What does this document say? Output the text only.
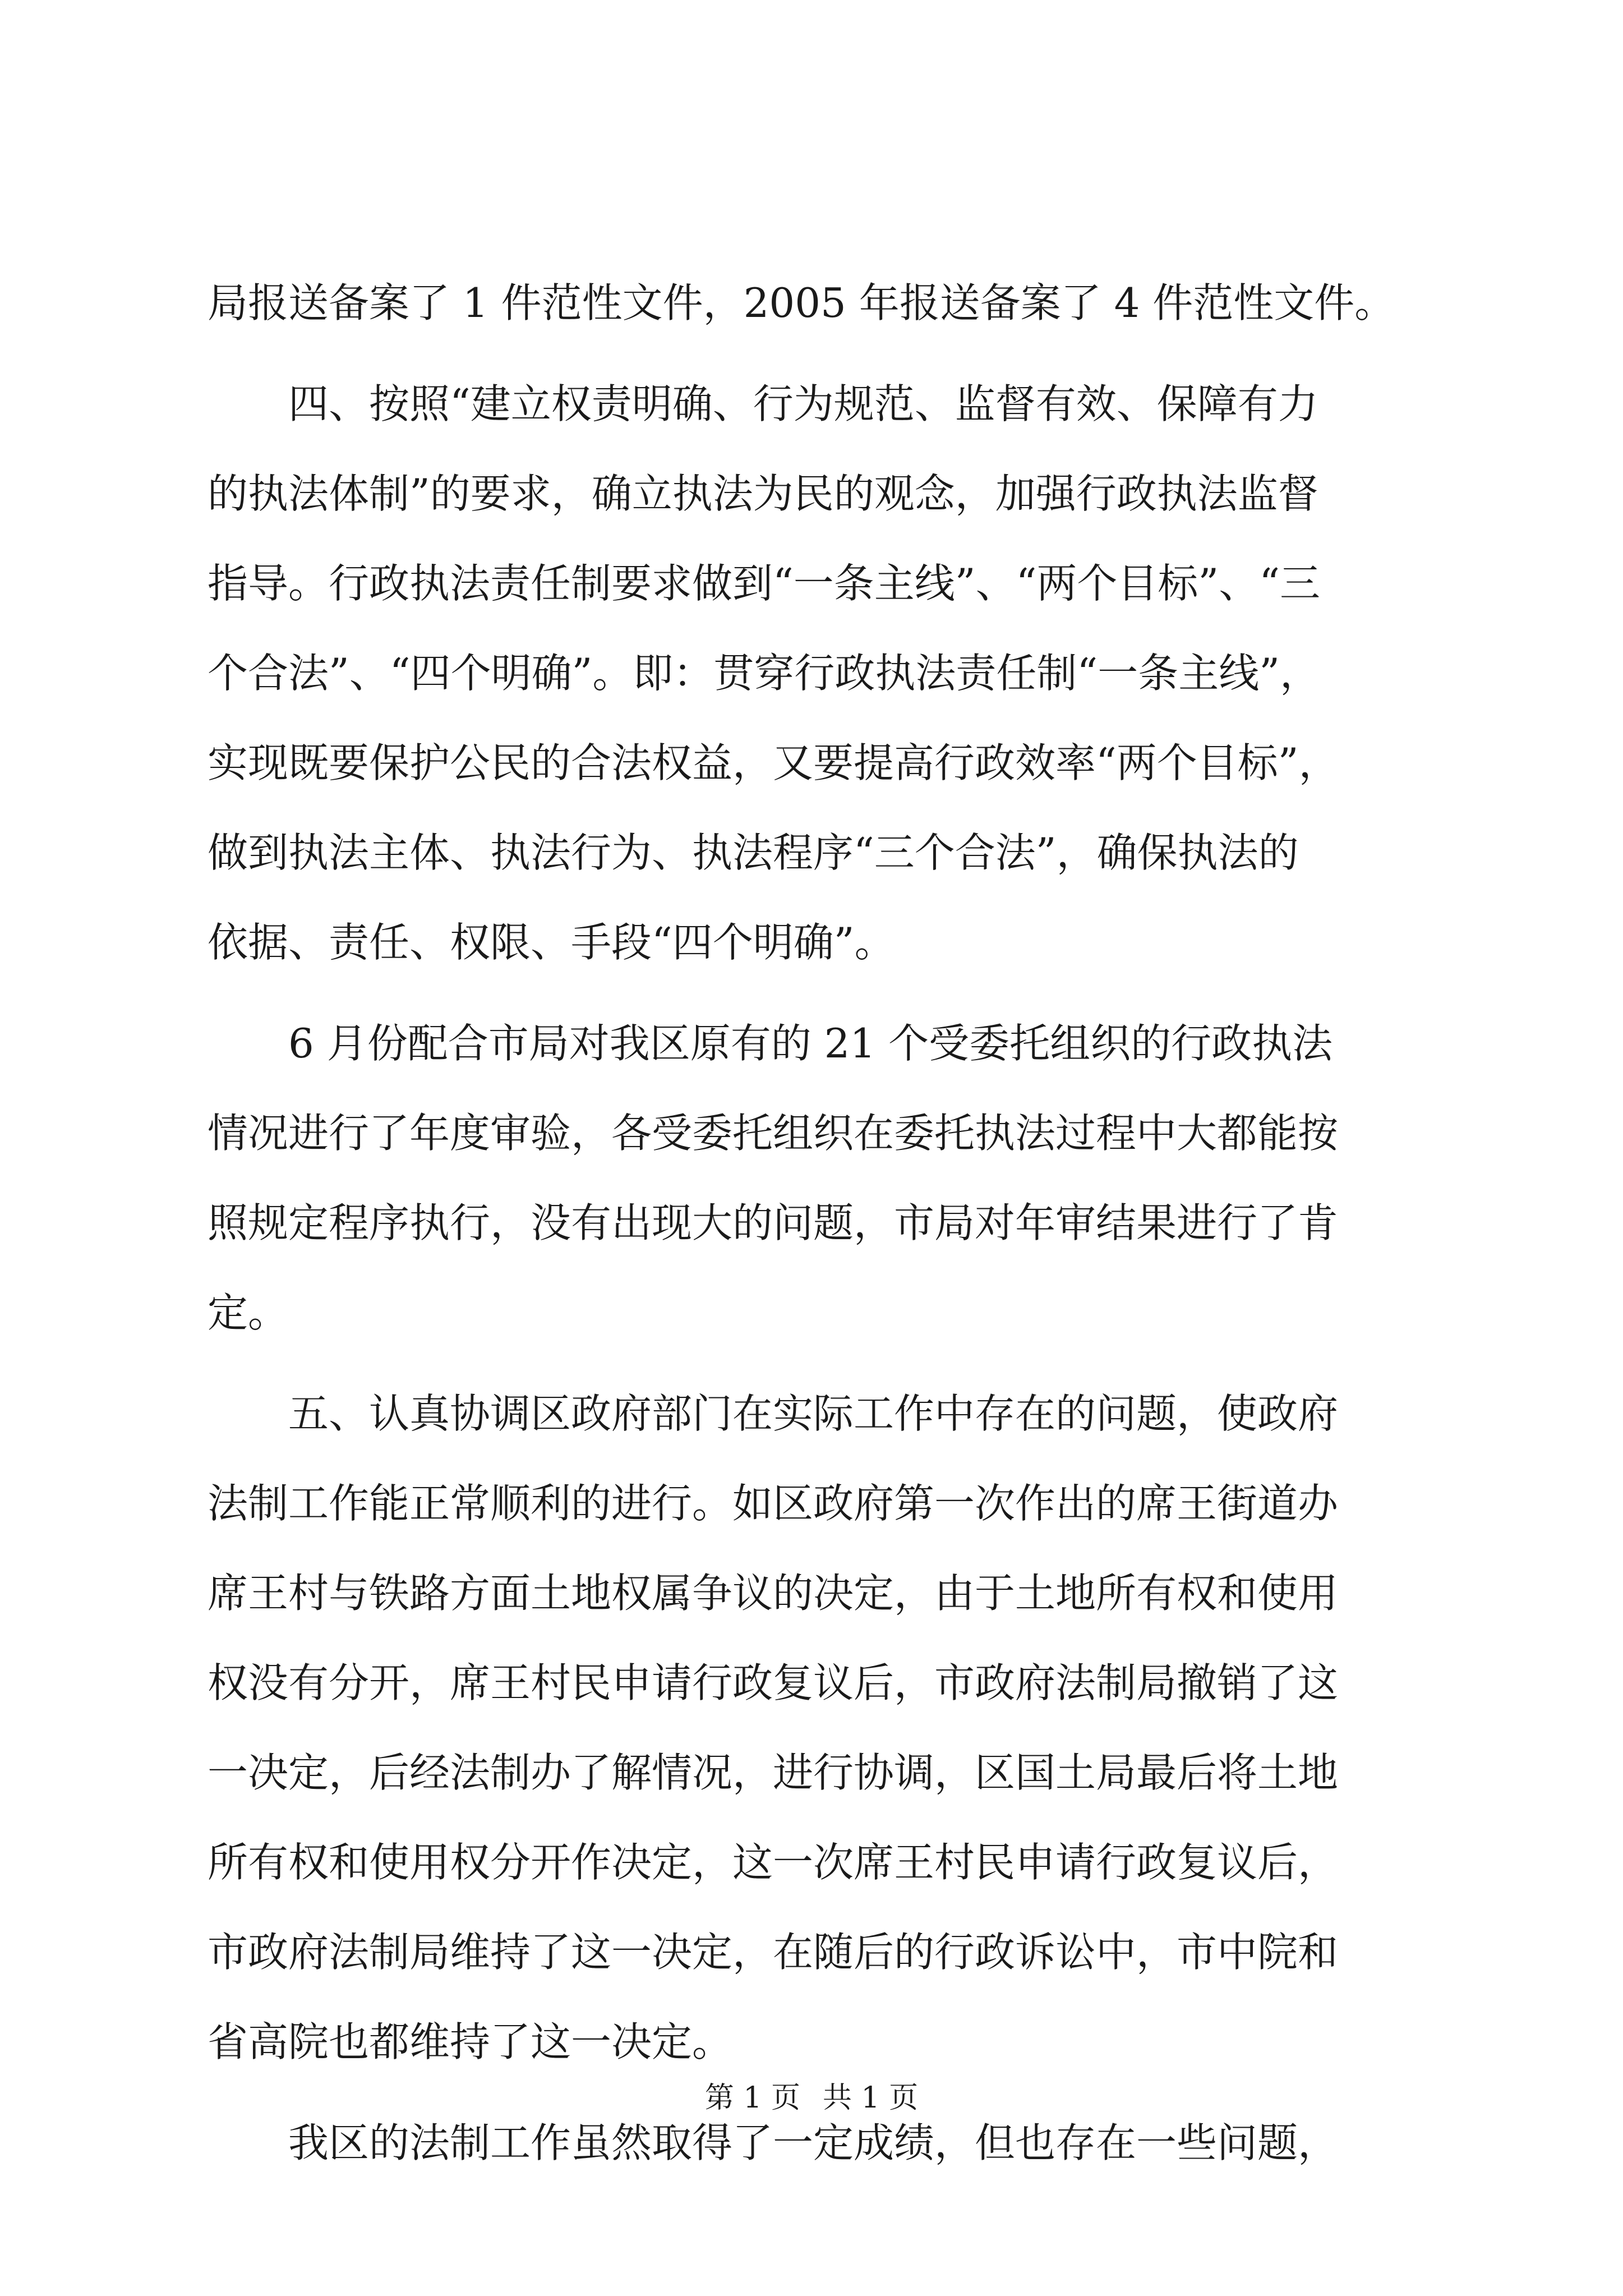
局报送备案了 1 件范性文件，2005 年报送备案了 4 件范性文件。
四、按照“建立权责明确、行为规范、监督有效、保障有力
的执法体制”的要求，确立执法为民的观念，加强行政执法监督
指导。行政执法责任制要求做到“一条主线”、“两个目标”、“三
个合法”、“四个明确”。即：贯穿行政执法责任制“一条主线”，
实现既要保护公民的合法权益，又要提高行政效率“两个目标”，
做到执法主体、执法行为、执法程序“三个合法”，确保执法的
依据、责任、权限、手段“四个明确”。
6 月份配合市局对我区原有的 21 个受委托组织的行政执法
情况进行了年度审验，各受委托组织在委托执法过程中大都能按
照规定程序执行，没有出现大的问题，市局对年审结果进行了肯
定。
五、认真协调区政府部门在实际工作中存在的问题，使政府
法制工作能正常顺利的进行。如区政府第一次作出的席王街道办
席王村与铁路方面土地权属争议的决定，由于土地所有权和使用
权没有分开，席王村民申请行政复议后，市政府法制局撤销了这
一决定，后经法制办了解情况，进行协调，区国土局最后将土地
所有权和使用权分开作决定，这一次席王村民申请行政复议后，
市政府法制局维持了这一决定，在随后的行政诉讼中，市中院和
省高院也都维持了这一决定。
我区的法制工作虽然取得了一定成绩，但也存在一些问题，
第 1 页 共 1 页
